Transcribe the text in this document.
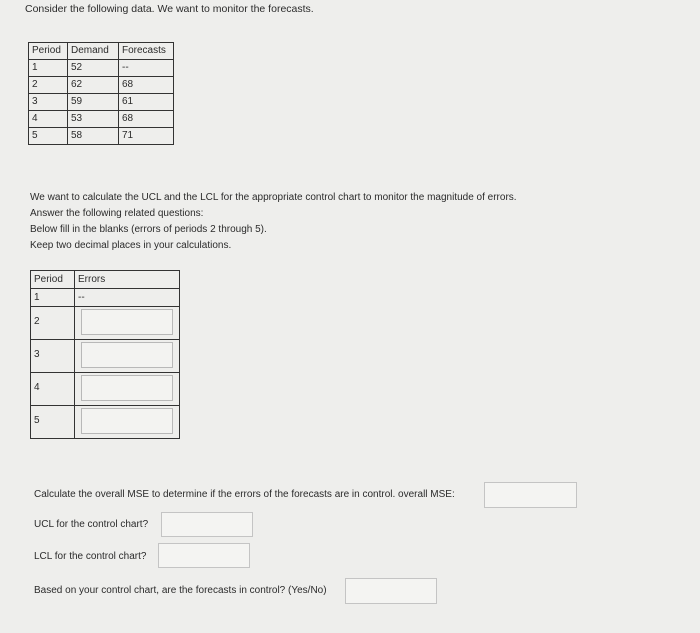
Consider the following data. We want to monitor the forecasts.
Period	Demand	Forecasts
1	52	--
2	62	68
3	59	61
4	53	68
5	58	71
We want to calculate the UCL and the LCL for the appropriate control chart to monitor the magnitude of errors.
Answer the following related questions:
Below fill in the blanks (errors of periods 2 through 5).
Keep two decimal places in your calculations.
Period	Errors
1	--
2	

3	

4	

5	
Calculate the overall MSE to determine if the errors of the forecasts are in control. overall MSE:
UCL for the control chart?
LCL for the control chart?
Based on your control chart, are the forecasts in control? (Yes/No)
